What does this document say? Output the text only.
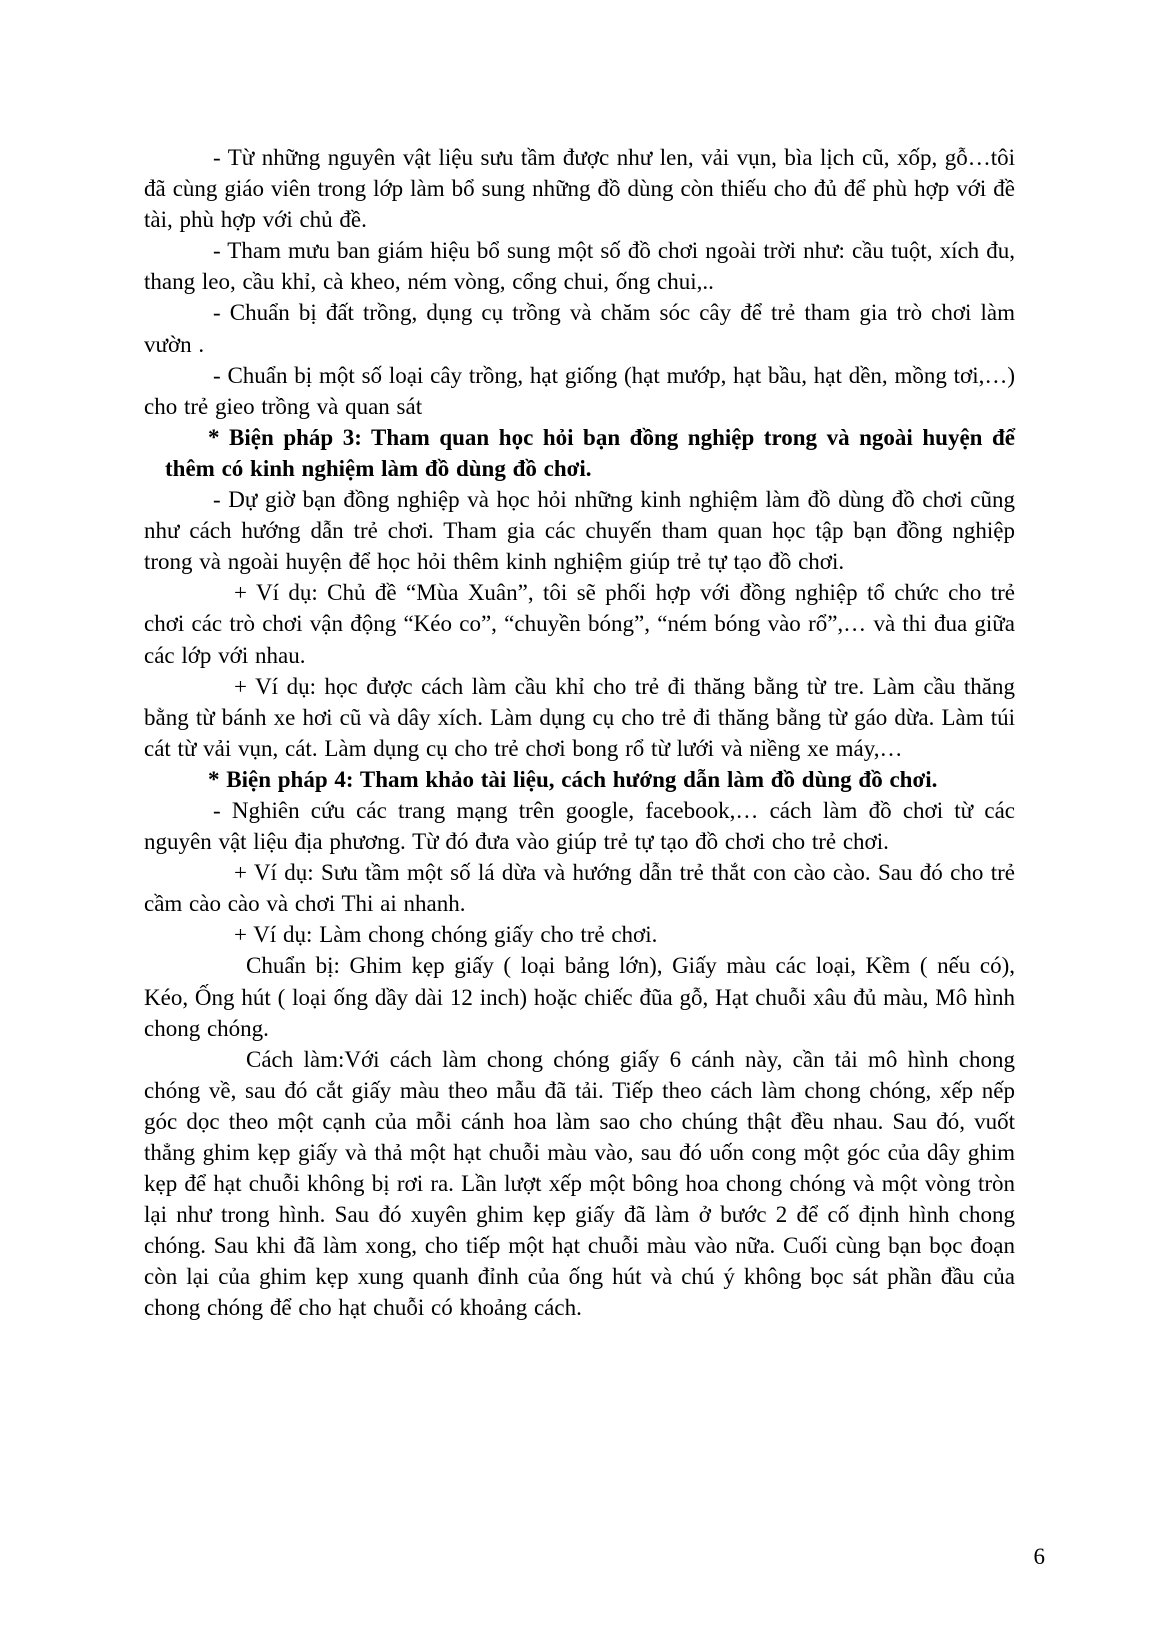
- Từ những nguyên vật liệu sưu tầm được như len, vải vụn, bìa lịch cũ, xốp, gỗ…tôi đã cùng giáo viên trong lớp làm bổ sung những đồ dùng còn thiếu cho đủ để phù hợp với đề tài, phù hợp với chủ đề.

- Tham mưu ban giám hiệu bổ sung một số đồ chơi ngoài trời như: cầu tuột, xích đu, thang leo, cầu khỉ, cà kheo, ném vòng, cổng chui, ống chui,..

- Chuẩn bị đất trồng, dụng cụ trồng và chăm sóc cây để trẻ tham gia trò chơi làm vườn .

- Chuẩn bị một số loại cây trồng, hạt giống (hạt mướp, hạt bầu, hạt dền, mồng tơi,…) cho trẻ gieo trồng và quan sát

* Biện pháp 3: Tham quan học hỏi bạn đồng nghiệp trong và ngoài huyện để thêm có kinh nghiệm làm đồ dùng đồ chơi.

- Dự giờ bạn đồng nghiệp và học hỏi những kinh nghiệm làm đồ dùng đồ chơi cũng như cách hướng dẫn trẻ chơi. Tham gia các chuyến tham quan học tập bạn đồng nghiệp trong và ngoài huyện để học hỏi thêm kinh nghiệm giúp trẻ tự tạo đồ chơi.

+ Ví dụ: Chủ đề “Mùa Xuân”, tôi sẽ phối hợp với đồng nghiệp tổ chức cho trẻ chơi các trò chơi vận động “Kéo co”, “chuyền bóng”, “ném bóng vào rổ”,… và thi đua giữa các lớp với nhau.

+ Ví dụ: học được cách làm cầu khỉ cho trẻ đi thăng bằng từ tre. Làm cầu thăng bằng từ bánh xe hơi cũ và dây xích. Làm dụng cụ cho trẻ đi thăng bằng từ gáo dừa. Làm túi cát từ vải vụn, cát. Làm dụng cụ cho trẻ chơi bong rổ từ lưới và niềng xe máy,…

* Biện pháp 4: Tham khảo tài liệu, cách hướng dẫn làm đồ dùng đồ chơi.

- Nghiên cứu các trang mạng trên google, facebook,… cách làm đồ chơi từ các nguyên vật liệu địa phương. Từ đó đưa vào giúp trẻ tự tạo đồ chơi cho trẻ chơi.

+ Ví dụ: Sưu tầm một số lá dừa và hướng dẫn trẻ thắt con cào cào. Sau đó cho trẻ cầm cào cào và chơi Thi ai nhanh.

+ Ví dụ: Làm chong chóng giấy cho trẻ chơi.

Chuẩn bị: Ghim kẹp giấy ( loại bảng lớn), Giấy màu các loại, Kềm ( nếu có), Kéo, Ống hút ( loại ống dầy dài 12 inch) hoặc chiếc đũa gỗ, Hạt chuỗi xâu đủ màu, Mô hình chong chóng.

Cách làm:Với cách làm chong chóng giấy 6 cánh này, cần tải mô hình chong chóng về, sau đó cắt giấy màu theo mẫu đã tải. Tiếp theo cách làm chong chóng, xếp nếp góc dọc theo một cạnh của mỗi cánh hoa làm sao cho chúng thật đều nhau. Sau đó, vuốt thẳng ghim kẹp giấy và thả một hạt chuỗi màu vào, sau đó uốn cong một góc của dây ghim kẹp để hạt chuỗi không bị rơi ra. Lần lượt xếp một bông hoa chong chóng và một vòng tròn lại như trong hình. Sau đó xuyên ghim kẹp giấy đã làm ở bước 2 để cố định hình chong chóng. Sau khi đã làm xong, cho tiếp một hạt chuỗi màu vào nữa. Cuối cùng bạn bọc đoạn còn lại của ghim kẹp xung quanh đỉnh của ống hút và chú ý không bọc sát phần đầu của chong chóng để cho hạt chuỗi có khoảng cách.

6
